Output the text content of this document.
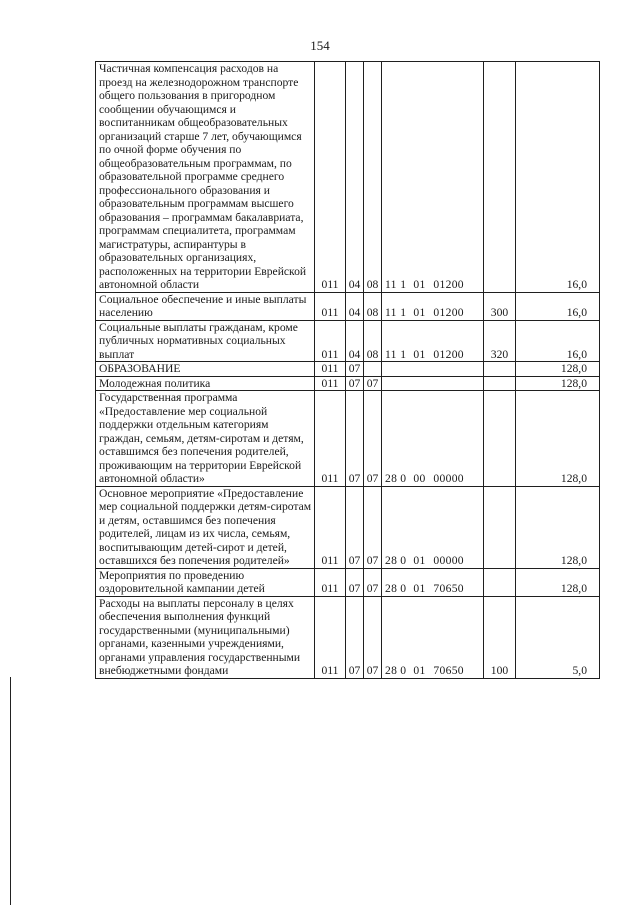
154
Частичная компенсация расходов на проезд на железнодорожном транспорте общего пользования в пригородном сообщении обучающимся и воспитанникам общеобразовательных организаций старше 7 лет, обучающимся по очной форме обучения по общеобразовательным программам, по образовательной программе среднего профессионального образования и образовательным программам высшего образования – программам бакалавриата, программам специалитета, программам магистратуры, аспирантуры в образовательных организациях, расположенных на территории Еврейской автономной области	011	04	08	11 1 01 01200		16,0
Социальное обеспечение и иные выплаты населению	011	04	08	11 1 01 01200	300	16,0
Социальные выплаты гражданам, кроме публичных нормативных социальных выплат	011	04	08	11 1 01 01200	320	16,0
ОБРАЗОВАНИЕ	011	07				128,0
Молодежная политика	011	07	07			128,0
Государственная программа «Предоставление мер социальной поддержки отдельным категориям граждан, семьям, детям-сиротам и детям, оставшимся без попечения родителей, проживающим на территории Еврейской автономной области»	011	07	07	28 0 00 00000		128,0
Основное мероприятие «Предоставление мер социальной поддержки детям-сиротам и детям, оставшимся без попечения родителей, лицам из их числа, семьям, воспитывающим детей-сирот и детей, оставшихся без попечения родителей»	011	07	07	28 0 01 00000		128,0
Мероприятия по проведению оздоровительной кампании детей	011	07	07	28 0 01 70650		128,0
Расходы на выплаты персоналу в целях обеспечения выполнения функций государственными (муниципальными) органами, казенными учреждениями, органами управления государственными внебюджетными фондами	011	07	07	28 0 01 70650	100	5,0
